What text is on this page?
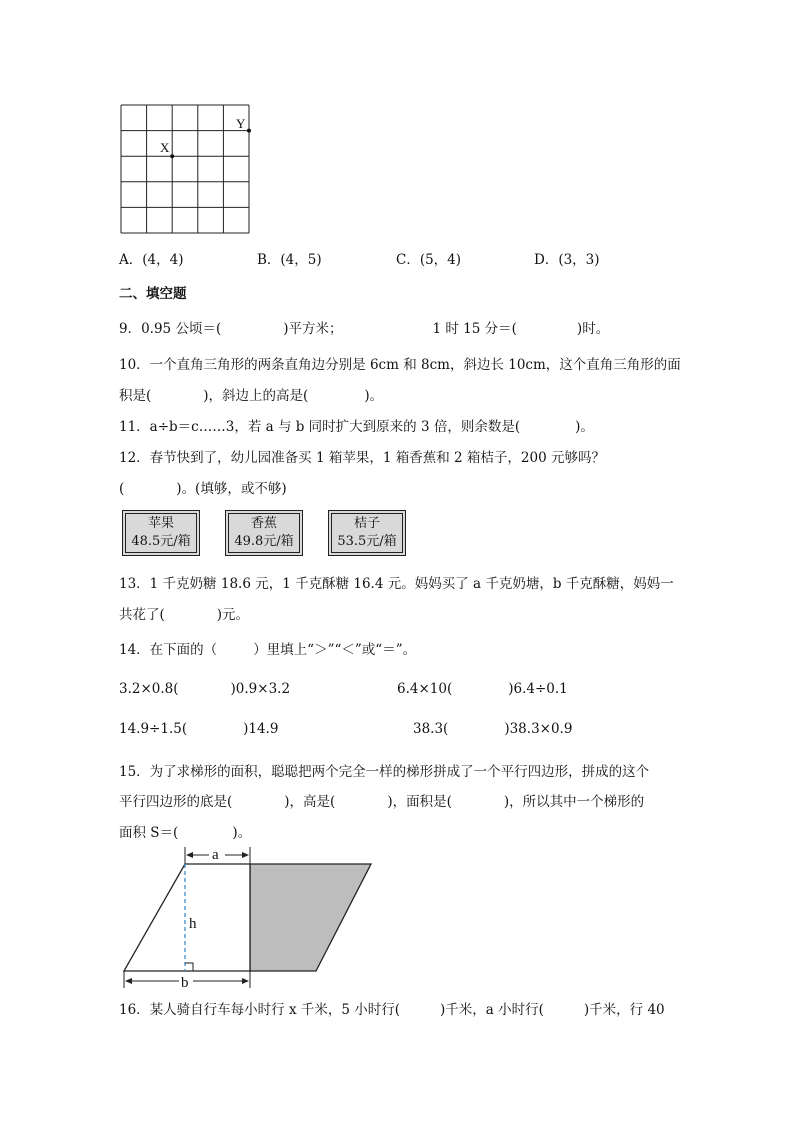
X
Y
A．(4，4)	B．(4，5)	C．(5，4)	D．(3，3)
二、填空题
9．0.95 公顷＝(	)平方米；	1 时 15 分＝(	)时。
10．一个直角三角形的两条直角边分别是 6cm 和 8cm，斜边长 10cm，这个直角三角形的面
积是(	)，斜边上的高是(	)。
11．a÷b＝c……3，若 a 与 b 同时扩大到原来的 3 倍，则余数是(	)。
12．春节快到了，幼儿园准备买 1 箱苹果，1 箱香蕉和 2 箱桔子，200 元够吗？
(	)。(填够，或不够)
苹果
48.5元/箱
香蕉
49.8元/箱
桔子
53.5元/箱
13．1 千克奶糖 18.6 元，1 千克酥糖 16.4 元。妈妈买了 a 千克奶塘，b 千克酥糖，妈妈一
共花了(	)元。
14．在下面的（	）里填上“＞”“＜”或“＝”。
3.2×0.8(	)0.9×3.2	6.4×10(	)6.4÷0.1
14.9÷1.5(	)14.9	38.3(	)38.3×0.9
15．为了求梯形的面积，聪聪把两个完全一样的梯形拼成了一个平行四边形，拼成的这个
平行四边形的底是(	)，高是(	)，面积是(	)，所以其中一个梯形的
面积 S＝(	)。
a
h
b
16．某人骑自行车每小时行 x 千米，5 小时行(	)千米，a 小时行(	)千米，行 40
